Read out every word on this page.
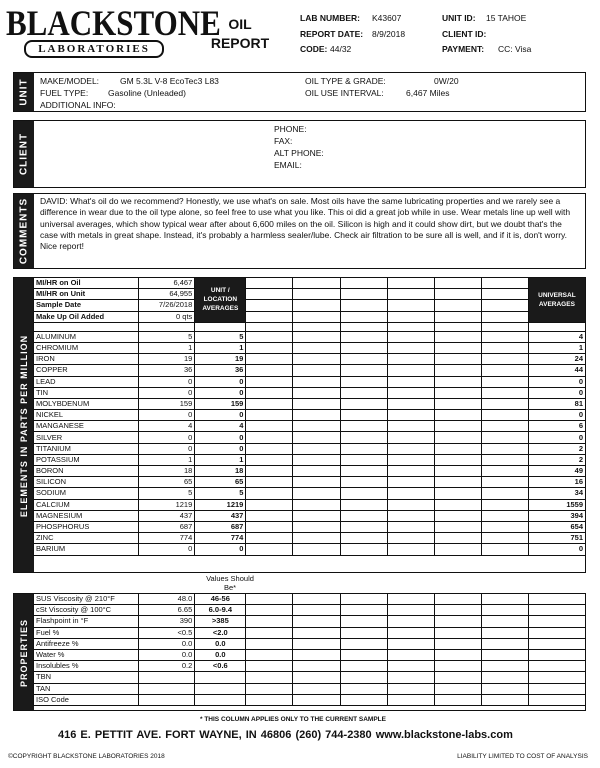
BLACKSTONE
LABORATORIES
OIL
REPORT
LAB NUMBER: K43607
REPORT DATE: 8/9/2018
CODE: 44/32
UNIT ID: 15 TAHOE
CLIENT ID:
PAYMENT: CC: Visa
UNIT MAKE/MODEL: GM 5.3L V-8 EcoTec3 L83
FUEL TYPE: Gasoline (Unleaded)
ADDITIONAL INFO:
OIL TYPE & GRADE:	0W/20
OIL USE INTERVAL:	6,467 Miles
CLIENT
PHONE:
FAX:
ALT PHONE:
EMAIL:
COMMENTS DAVID: What's oil do we recommend? Honestly, we use what's on sale. Most oils have the same lubricating properties and we rarely see a difference in wear due to the oil type alone, so feel free to use what you like. This oi did a great job while in use. Wear metals line up well with universal averages, which show typical wear after about 6,600 miles on the oil. Silicon is high and it could show dirt, but we doubt that's the case with metals in great shape. Instead, it's probably a harmless sealer/lube. Check air filtration to be sure all is well, and if it is, don't worry. Nice report!
ELEMENTS IN PARTS PER MILLION
MI/HR on Oil	6,467	UNIT / LOCATION AVERAGES							UNIVERSAL AVERAGES
MI/HR on Unit	64,955								
Sample Date	7/26/2018								
Make Up Oil Added	0 qts								

ALUMINUM	5	5							4
CHROMIUM	1	1							1
IRON	19	19							24
COPPER	36	36							44
LEAD	0	0							0
TIN	0	0							0
MOLYBDENUM	159	159							81
NICKEL	0	0							0
MANGANESE	4	4							6
SILVER	0	0							0
TITANIUM	0	0							2
POTASSIUM	1	1							2
BORON	18	18							49
SILICON	65	65							16
SODIUM	5	5							34
CALCIUM	1219	1219							1559
MAGNESIUM	437	437							394
PHOSPHORUS	687	687							654
ZINC	774	774							751
BARIUM	0	0							0
Values Should Be*
PROPERTIES
SUS Viscosity @ 210°F	48.0	46-56							
cSt Viscosity @ 100°C	6.65	6.0-9.4							
Flashpoint in °F	390	>385							
Fuel %	<0.5	<2.0							
Antifreeze %	0.0	0.0							
Water %	0.0	0.0							
Insolubles %	0.2	<0.6							
TBN									
TAN									
ISO Code									
* THIS COLUMN APPLIES ONLY TO THE CURRENT SAMPLE
416 E. PETTIT AVE. FORT WAYNE, IN 46806 (260) 744-2380 www.blackstone-labs.com
©COPYRIGHT BLACKSTONE LABORATORIES 2018	LIABILITY LIMITED TO COST OF ANALYSIS
